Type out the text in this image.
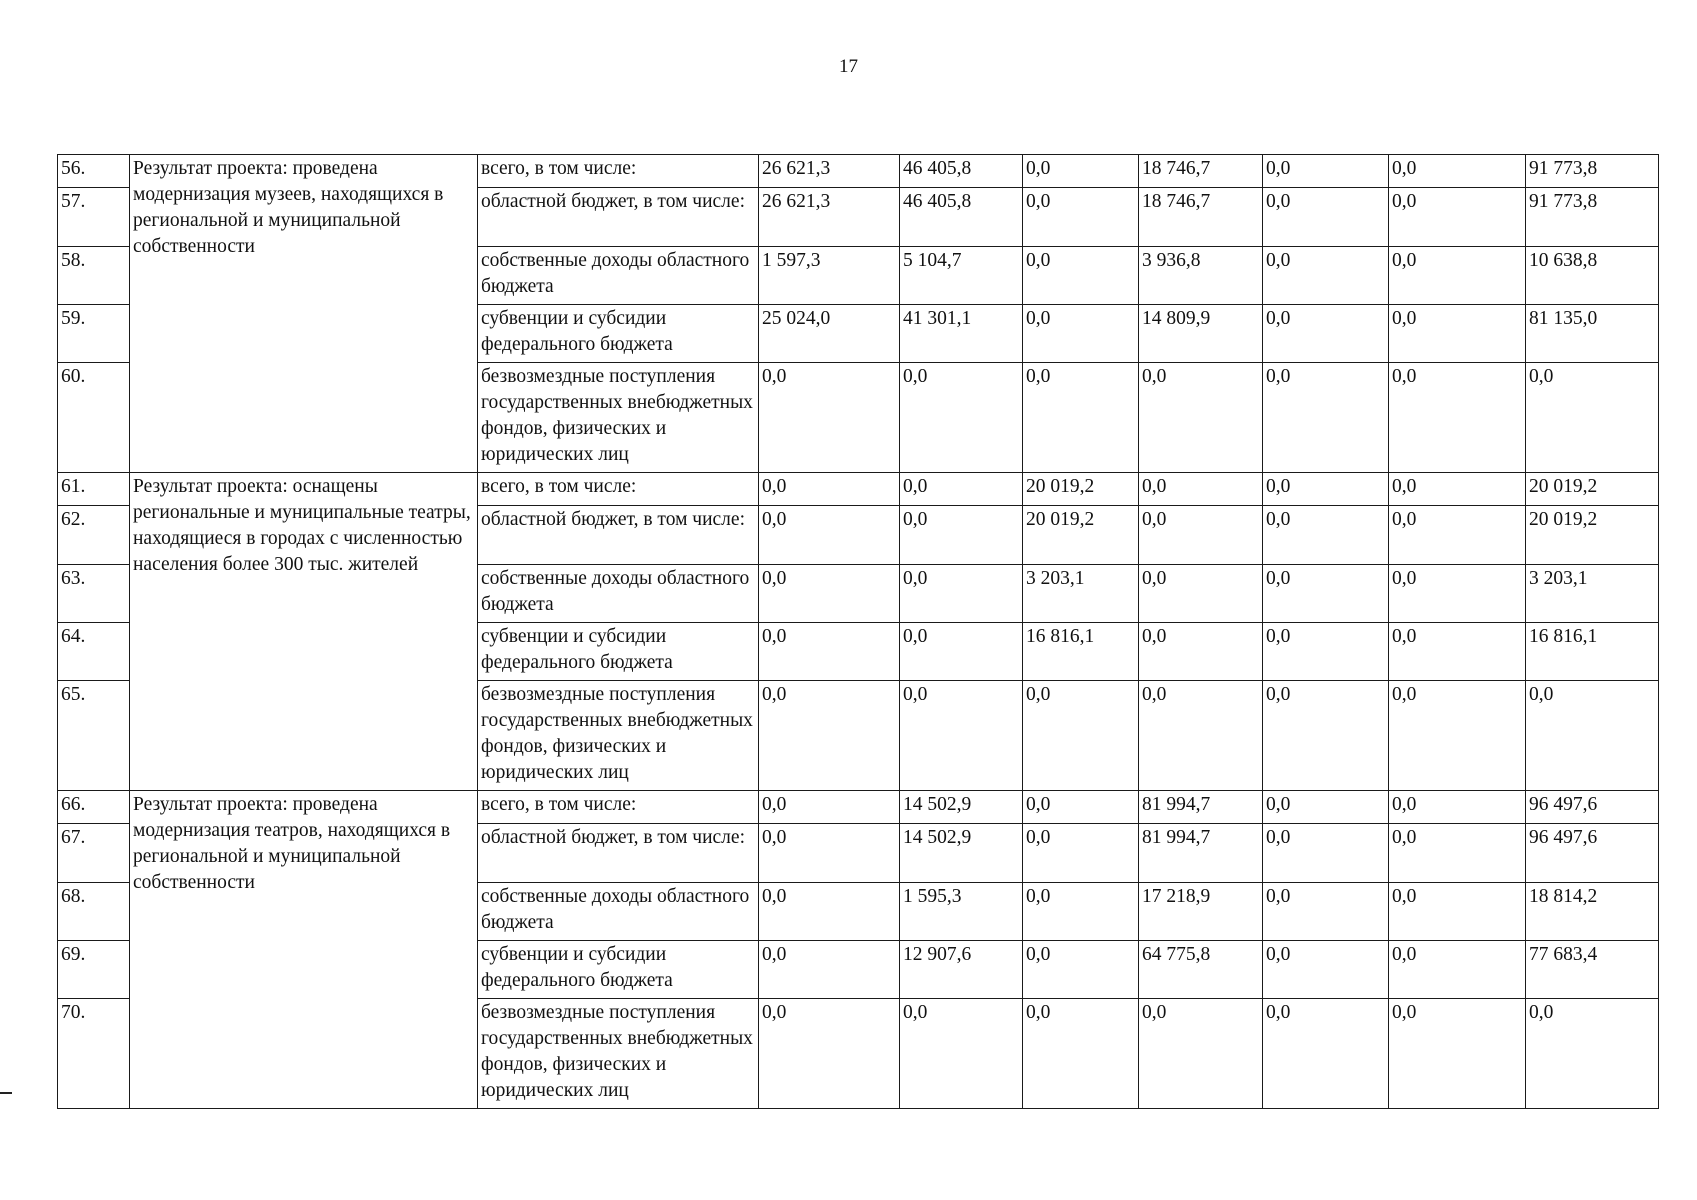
17
56.	Результат проекта: проведена модернизация музеев, находящихся в региональной и муниципальной собственности	всего, в том числе:	26 621,3	46 405,8	0,0	18 746,7	0,0	0,0	91 773,8
57.		областной бюджет, в том числе:	26 621,3	46 405,8	0,0	18 746,7	0,0	0,0	91 773,8
58.		собственные доходы областного бюджета	1 597,3	5 104,7	0,0	3 936,8	0,0	0,0	10 638,8
59.		субвенции и субсидии федерального бюджета	25 024,0	41 301,1	0,0	14 809,9	0,0	0,0	81 135,0
60.		безвозмездные поступления государственных внебюджетных фондов, физических и юридических лиц	0,0	0,0	0,0	0,0	0,0	0,0	0,0
61.	Результат проекта: оснащены региональные и муниципальные театры, находящиеся в городах с численностью населения более 300 тыс. жителей	всего, в том числе:	0,0	0,0	20 019,2	0,0	0,0	0,0	20 019,2
62.		областной бюджет, в том числе:	0,0	0,0	20 019,2	0,0	0,0	0,0	20 019,2
63.		собственные доходы областного бюджета	0,0	0,0	3 203,1	0,0	0,0	0,0	3 203,1
64.		субвенции и субсидии федерального бюджета	0,0	0,0	16 816,1	0,0	0,0	0,0	16 816,1
65.		безвозмездные поступления государственных внебюджетных фондов, физических и юридических лиц	0,0	0,0	0,0	0,0	0,0	0,0	0,0
66.	Результат проекта: проведена модернизация театров, находящихся в региональной и муниципальной собственности	всего, в том числе:	0,0	14 502,9	0,0	81 994,7	0,0	0,0	96 497,6
67.		областной бюджет, в том числе:	0,0	14 502,9	0,0	81 994,7	0,0	0,0	96 497,6
68.		собственные доходы областного бюджета	0,0	1 595,3	0,0	17 218,9	0,0	0,0	18 814,2
69.		субвенции и субсидии федерального бюджета	0,0	12 907,6	0,0	64 775,8	0,0	0,0	77 683,4
70.		безвозмездные поступления государственных внебюджетных фондов, физических и юридических лиц	0,0	0,0	0,0	0,0	0,0	0,0	0,0
